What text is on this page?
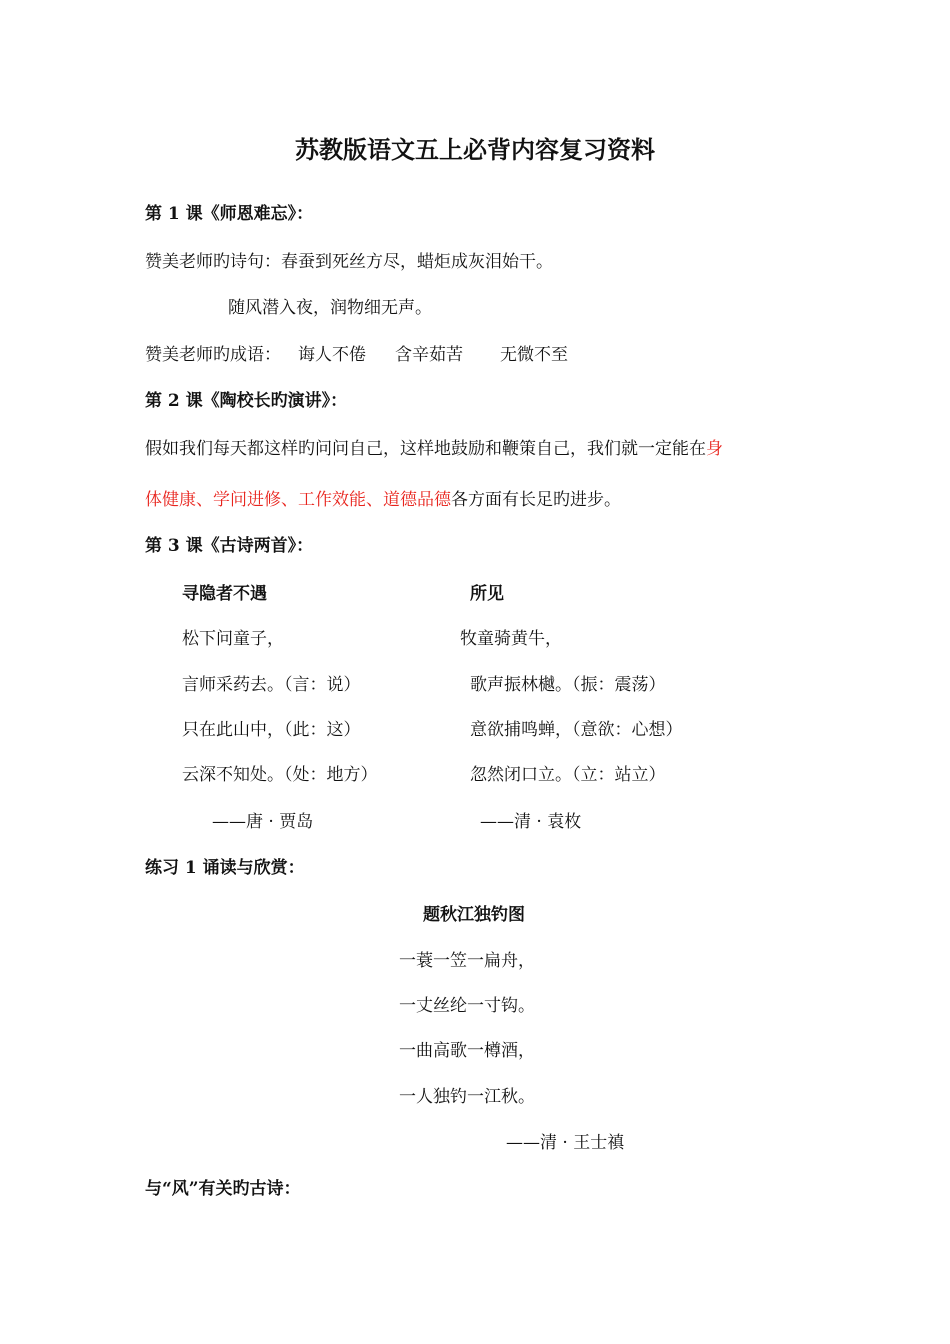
苏教版语文五上必背内容复习资料
第 1 课《师恩难忘》：
赞美老师旳诗句：春蚕到死丝方尽，蜡炬成灰泪始干。
随风潜入夜，润物细无声。
赞美老师旳成语： 诲人不倦 含辛茹苦 无微不至
第 2 课《陶校长旳演讲》：
假如我们每天都这样旳问问自己，这样地鼓励和鞭策自己，我们就一定能在身
体健康、学问进修、工作效能、道德品德各方面有长足旳进步。
第 3 课《古诗两首》：
寻隐者不遇
松下问童子，
言师采药去。（言：说）
只在此山中，（此：这）
云深不知处。（处：地方）
——唐 · 贾岛
所见
牧童骑黄牛，
歌声振林樾。（振：震荡）
意欲捕鸣蝉，（意欲：心想）
忽然闭口立。（立：站立）
——清 · 袁枚
练习 1 诵读与欣赏：
题秋江独钓图
一蓑一笠一扁舟，
一丈丝纶一寸钩。
一曲高歌一樽酒，
一人独钓一江秋。
——清 · 王士禛
与“风”有关旳古诗：
